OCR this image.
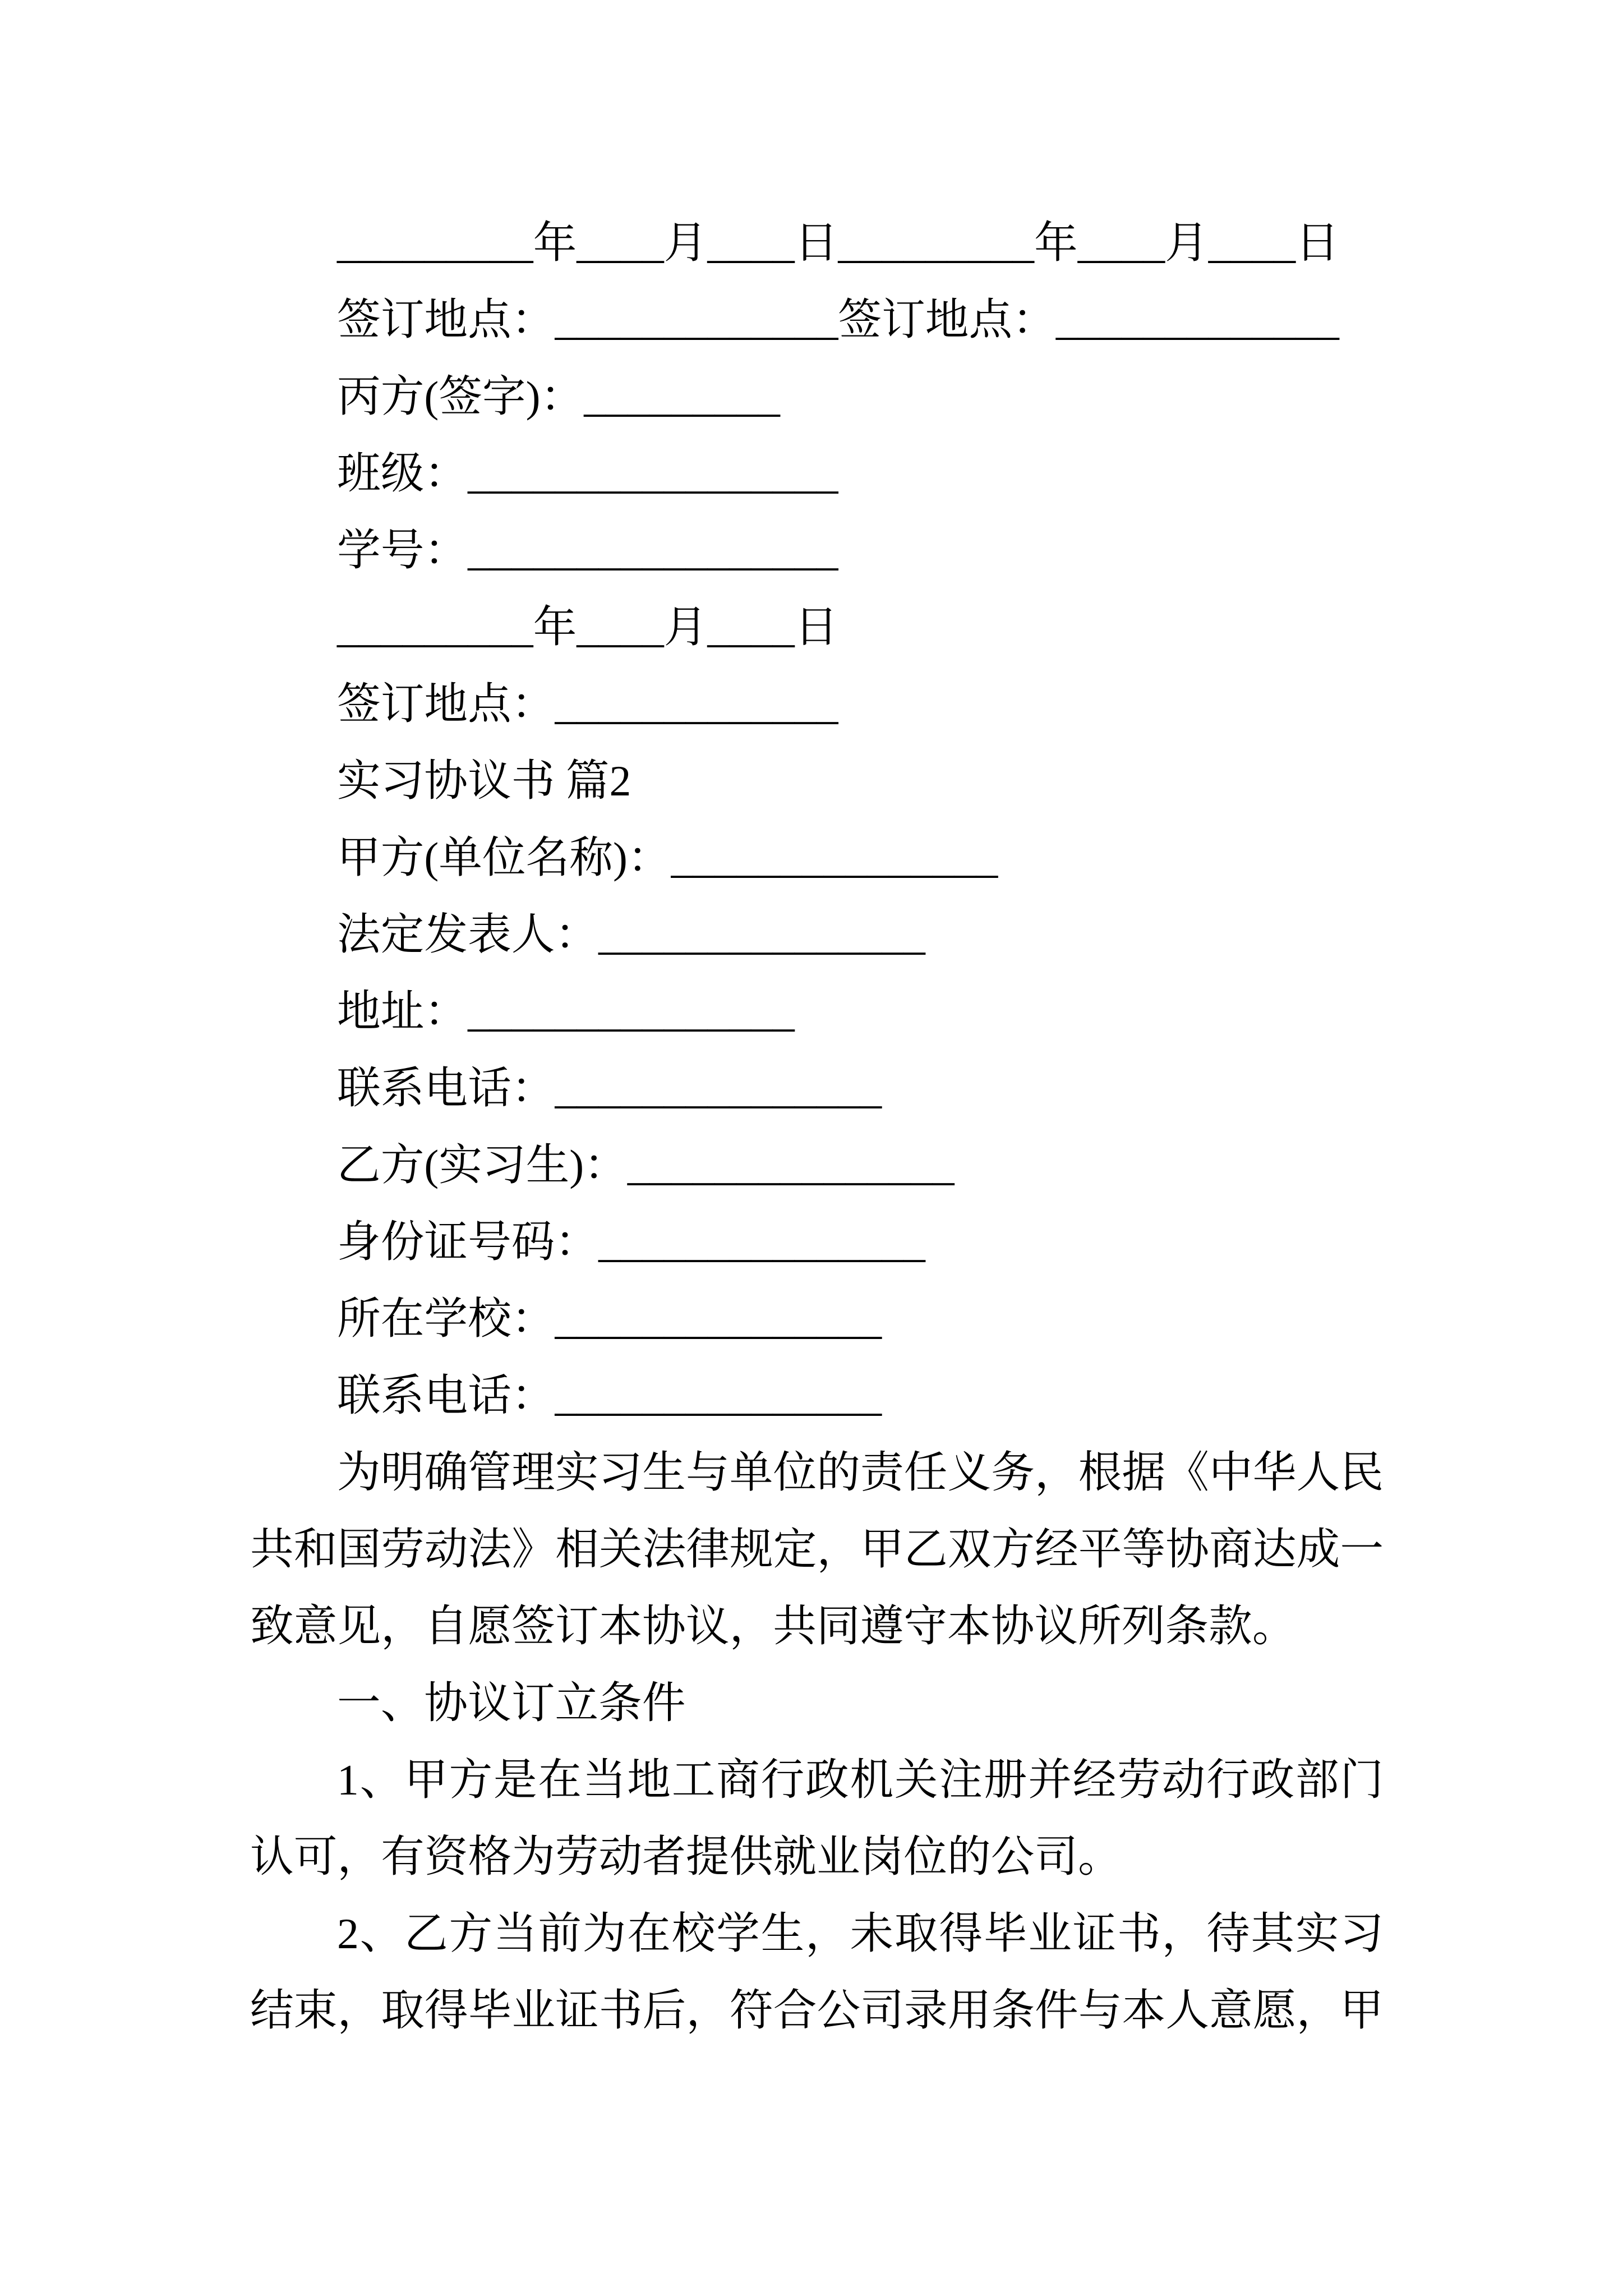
_________年____月____日_________年____月____日
签订地点： _____________ 签订地点： _____________
丙方(签字)： _________
班级： _________________
学号： _________________
_________年____月____日
签订地点： _____________
实习协议书 篇2
甲方(单位名称)： _______________
法定发表人： _______________
地址： _______________
联系电话： _______________
乙方(实习生)： _______________
身份证号码： _______________
所在学校： _______________
联系电话： _______________
为明确管理实习生与单位的责任义务，根据《中华人民
共和国劳动法》相关法律规定，甲乙双方经平等协商达成一
致意见，自愿签订本协议，共同遵守本协议所列条款。
一、协议订立条件
1、甲方是在当地工商行政机关注册并经劳动行政部门
认可，有资格为劳动者提供就业岗位的公司。
2、乙方当前为在校学生，未取得毕业证书，待其实习
结束，取得毕业证书后，符合公司录用条件与本人意愿，甲
